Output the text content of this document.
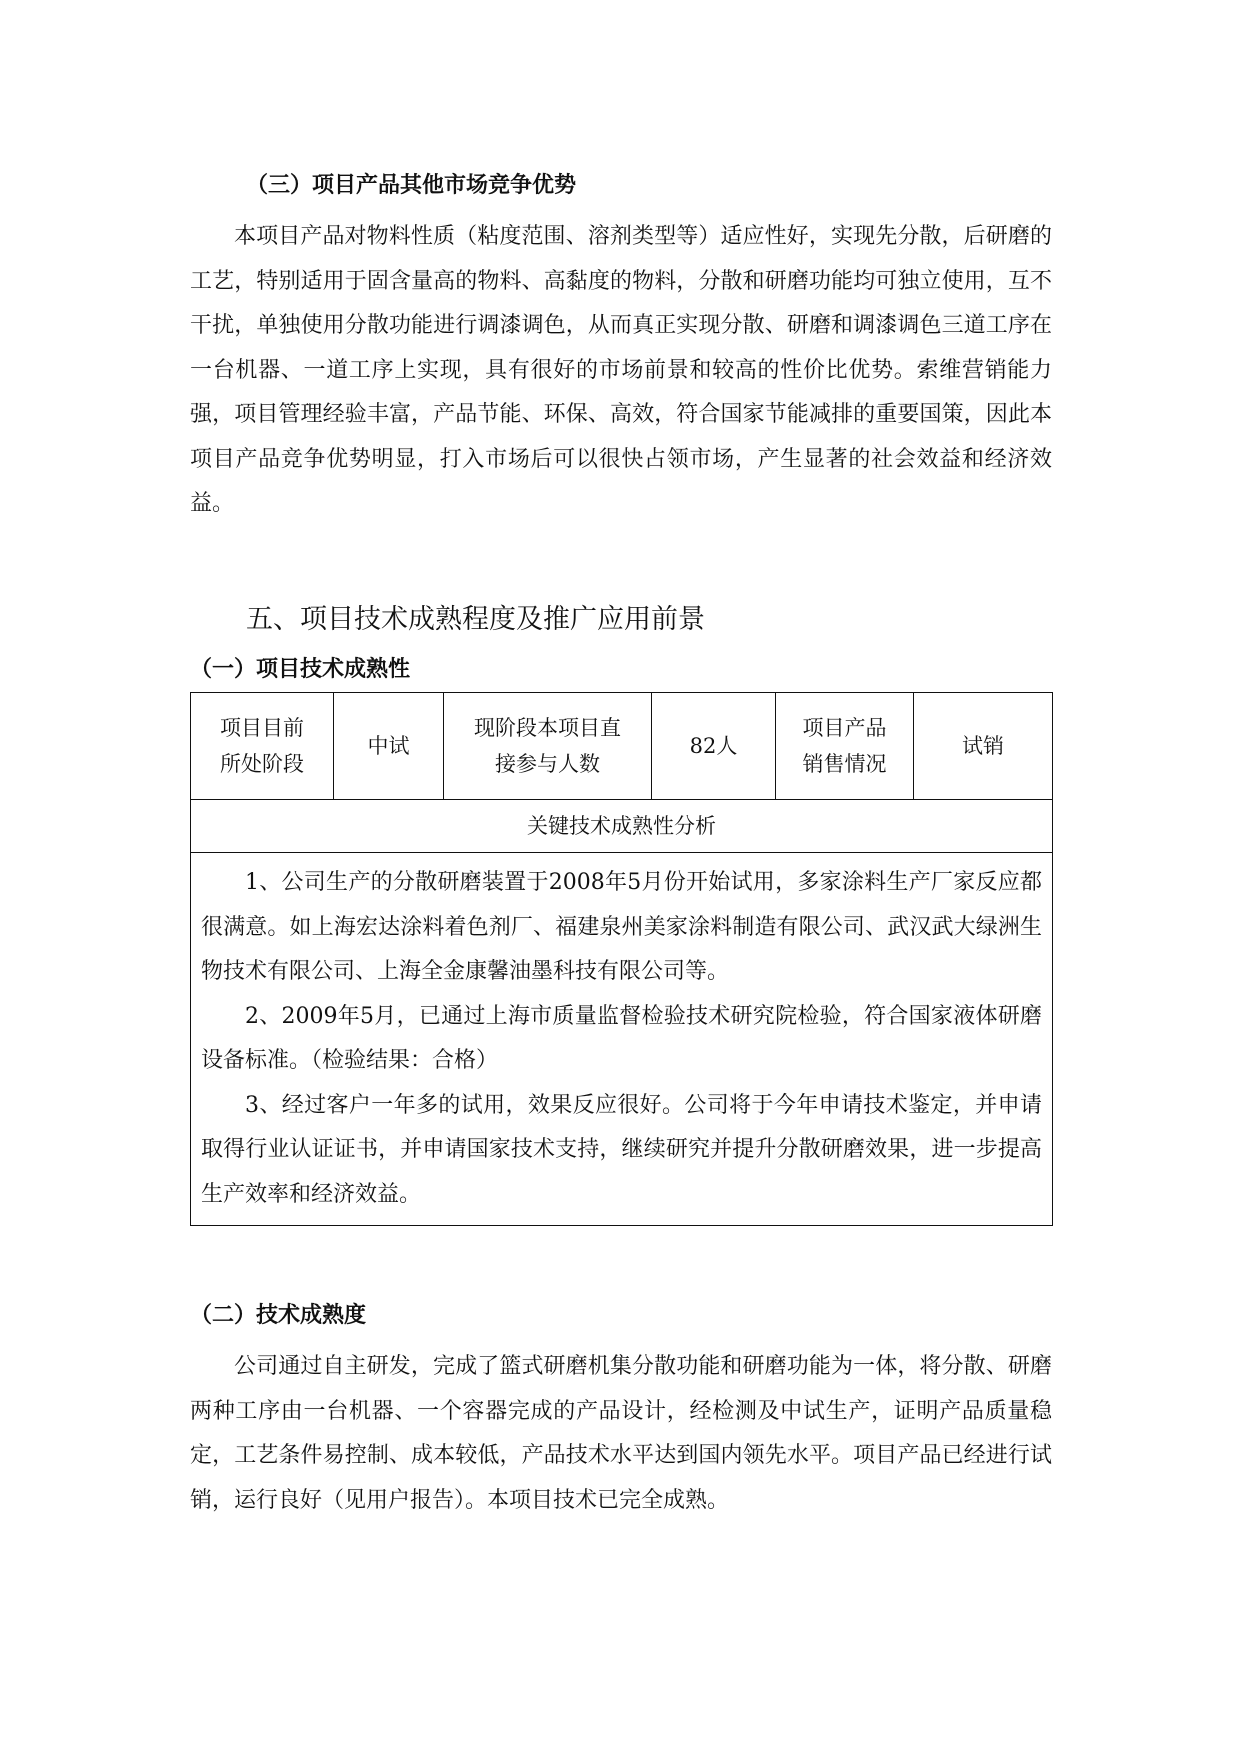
（三）项目产品其他市场竞争优势

本项目产品对物料性质（粘度范围、溶剂类型等）适应性好，实现先分散，后研磨的工艺，特别适用于固含量高的物料、高黏度的物料，分散和研磨功能均可独立使用，互不干扰，单独使用分散功能进行调漆调色，从而真正实现分散、研磨和调漆调色三道工序在一台机器、一道工序上实现，具有很好的市场前景和较高的性价比优势。索维营销能力强，项目管理经验丰富，产品节能、环保、高效，符合国家节能减排的重要国策，因此本项目产品竞争优势明显，打入市场后可以很快占领市场，产生显著的社会效益和经济效益。

五、项目技术成熟程度及推广应用前景
（一）项目技术成熟性
项目目前所处阶段	中试	现阶段本项目直接参与人数	82人	项目产品销售情况	试销
关键技术成熟性分析

1、公司生产的分散研磨装置于2008年5月份开始试用，多家涂料生产厂家反应都很满意。如上海宏达涂料着色剂厂、福建泉州美家涂料制造有限公司、武汉武大绿洲生物技术有限公司、上海全金康馨油墨科技有限公司等。

2、2009年5月，已通过上海市质量监督检验技术研究院检验，符合国家液体研磨设备标准。（检验结果：合格）

3、经过客户一年多的试用，效果反应很好。公司将于今年申请技术鉴定，并申请取得行业认证证书，并申请国家技术支持，继续研究并提升分散研磨效果，进一步提高生产效率和经济效益。

（二）技术成熟度

公司通过自主研发，完成了篮式研磨机集分散功能和研磨功能为一体，将分散、研磨两种工序由一台机器、一个容器完成的产品设计，经检测及中试生产，证明产品质量稳定，工艺条件易控制、成本较低，产品技术水平达到国内领先水平。项目产品已经进行试销，运行良好（见用户报告）。本项目技术已完全成熟。
